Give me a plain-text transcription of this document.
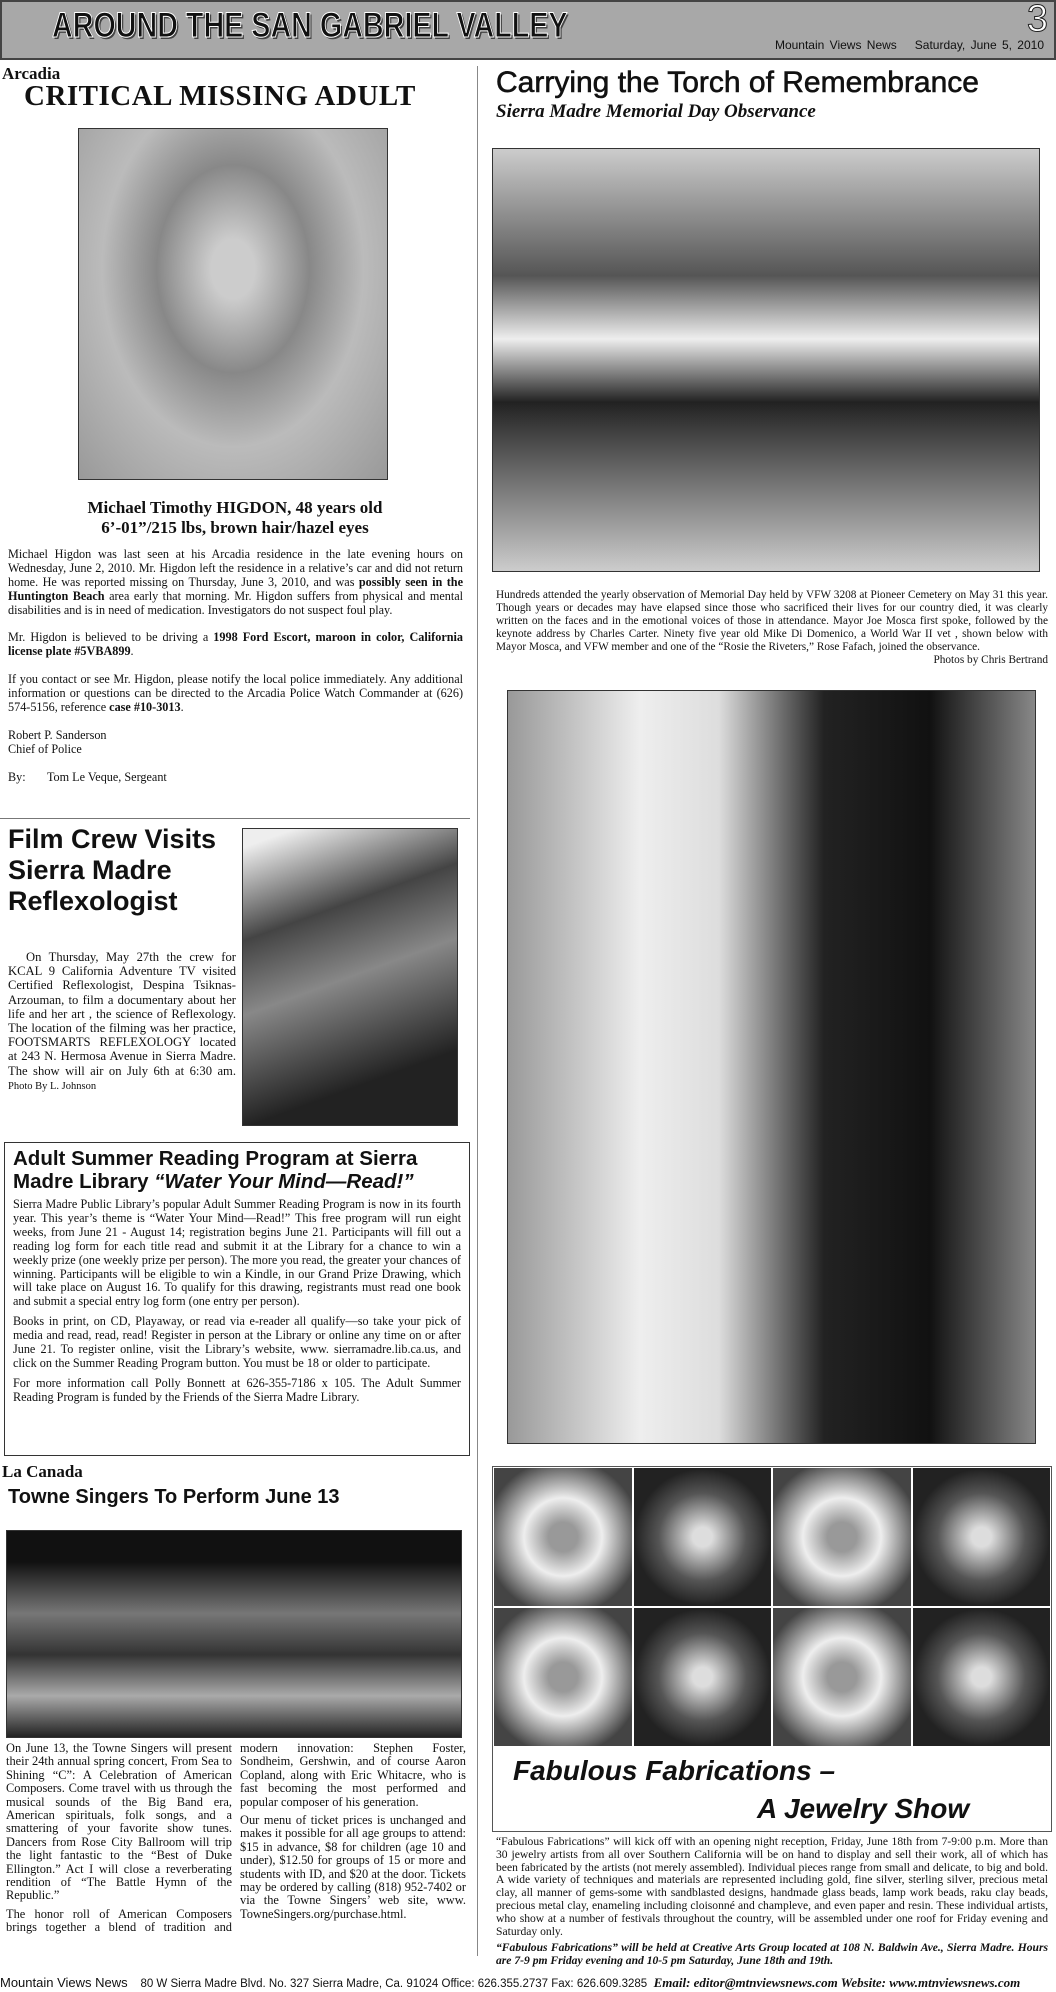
AROUND THE SAN GABRIEL VALLEY	3
Mountain Views News Saturday, June 5, 2010
Arcadia
CRITICAL MISSING ADULT
Michael Timothy HIGDON, 48 years old
6’-01”/215 lbs, brown hair/hazel eyes

Michael Higdon was last seen at his Arcadia residence in the late evening hours on Wednesday, June 2, 2010. Mr. Higdon left the residence in a relative’s car and did not return home. He was reported missing on Thursday, June 3, 2010, and was possibly seen in the Huntington Beach area early that morning. Mr. Higdon suffers from physical and mental disabilities and is in need of medication. Investigators do not suspect foul play.

Mr. Higdon is believed to be driving a 1998 Ford Escort, maroon in color, California license plate #5VBA899.

If you contact or see Mr. Higdon, please notify the local police immediately. Any additional information or questions can be directed to the Arcadia Police Watch Commander at (626) 574-5156, reference case #10-3013.

Robert P. Sanderson
Chief of Police

By: Tom Le Veque, Sergeant

Film Crew Visits Sierra Madre Reflexologist
On Thursday, May 27th the crew for KCAL 9 California Adventure TV visited Certified Reflexologist, Despina Tsiknas- Arzouman, to film a documentary about her life and her art , the science of Reflexology. The location of the filming was her practice, FOOTSMARTS REFLEXOLOGY located at 243 N. Hermosa Avenue in Sierra Madre. The show will air on July 6th at 6:30 am. Photo By L. Johnson
Adult Summer Reading Program at Sierra Madre Library “Water Your Mind—Read!”

Sierra Madre Public Library’s popular Adult Summer Reading Program is now in its fourth year. This year’s theme is “Water Your Mind—Read!” This free program will run eight weeks, from June 21 - August 14; registration begins June 21. Participants will fill out a reading log form for each title read and submit it at the Library for a chance to win a weekly prize (one weekly prize per person). The more you read, the greater your chances of winning. Participants will be eligible to win a Kindle, in our Grand Prize Drawing, which will take place on August 16. To qualify for this drawing, registrants must read one book and submit a special entry log form (one entry per person).

Books in print, on CD, Playaway, or read via e-reader all qualify—so take your pick of media and read, read, read! Register in person at the Library or online any time on or after June 21. To register online, visit the Library’s website, www. sierramadre.lib.ca.us, and click on the Summer Reading Program button. You must be 18 or older to participate.

For more information call Polly Bonnett at 626-355-7186 x 105. The Adult Summer Reading Program is funded by the Friends of the Sierra Madre Library.

La Canada
Towne Singers To Perform June 13

On June 13, the Towne Singers will present their 24th annual spring concert, From Sea to Shining “C”: A Celebration of American Composers. Come travel with us through the musical sounds of the Big Band era, American spirituals, folk songs, and a smattering of your favorite show tunes. Dancers from Rose City Ballroom will trip the light fantastic to the “Best of Duke Ellington.” Act I will close a reverberating rendition of “The Battle Hymn of the Republic.”

The honor roll of American Composers brings together a blend of tradition and modern innovation: Stephen Foster, Sondheim, Gershwin, and of course Aaron Copland, along with Eric Whitacre, who is fast becoming the most performed and popular composer of his generation.

Our menu of ticket prices is unchanged and makes it possible for all age groups to attend: $15 in advance, $8 for children (age 10 and under), $12.50 for groups of 15 or more and students with ID, and $20 at the door. Tickets may be ordered by calling (818) 952-7402 or via the Towne Singers’ web site, www. TowneSingers.org/purchase.html.

Carrying the Torch of Remembrance
Sierra Madre Memorial Day Observance
Hundreds attended the yearly observation of Memorial Day held by VFW 3208 at Pioneer Cemetery on May 31 this year. Though years or decades may have elapsed since those who sacrificed their lives for our country died, it was clearly written on the faces and in the emotional voices of those in attendance. Mayor Joe Mosca first spoke, followed by the keynote address by Charles Carter. Ninety five year old Mike Di Domenico, a World War II vet , shown below with Mayor Mosca, and VFW member and one of the “Rosie the Riveters,” Rose Fafach, joined the observance.
Photos by Chris Bertrand
Fabulous Fabrications –
A Jewelry Show

“Fabulous Fabrications” will kick off with an opening night reception, Friday, June 18th from 7-9:00 p.m. More than 30 jewelry artists from all over Southern California will be on hand to display and sell their work, all of which has been fabricated by the artists (not merely assembled). Individual pieces range from small and delicate, to big and bold. A wide variety of techniques and materials are represented including gold, fine silver, sterling silver, precious metal clay, all manner of gems-some with sandblasted designs, handmade glass beads, lamp work beads, raku clay beads, precious metal clay, enameling including cloisonné and champleve, and even paper and resin. These individual artists, who show at a number of festivals throughout the country, will be assembled under one roof for Friday evening and Saturday only.

“Fabulous Fabrications” will be held at Creative Arts Group located at 108 N. Baldwin Ave., Sierra Madre. Hours are 7-9 pm Friday evening and 10-5 pm Saturday, June 18th and 19th.

Mountain Views News 80 W Sierra Madre Blvd. No. 327 Sierra Madre, Ca. 91024 Office: 626.355.2737 Fax: 626.609.3285 Email: editor@mtnviewsnews.com Website: www.mtnviewsnews.com
